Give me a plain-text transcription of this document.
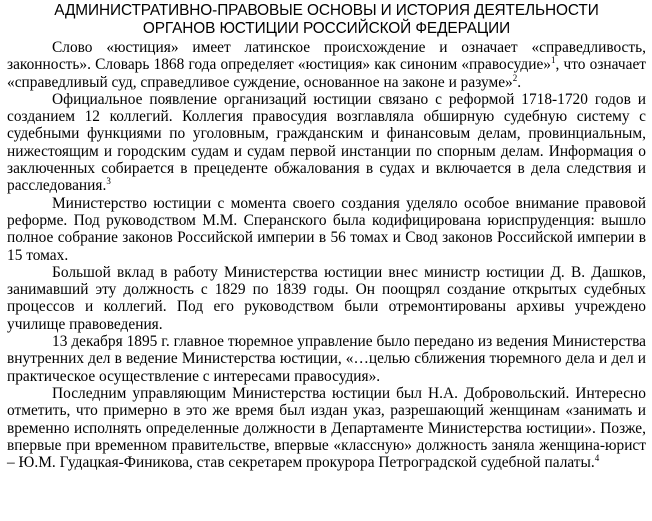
АДМИНИСТРАТИВНО-ПРАВОВЫЕ ОСНОВЫ И ИСТОРИЯ ДЕЯТЕЛЬНОСТИ
ОРГАНОВ ЮСТИЦИИ РОССИЙСКОЙ ФЕДЕРАЦИИ

Слово «юстиция» имеет латинское происхождение и означает «справедливость, законность». Словарь 1868 года определяет «юстиция» как синоним «правосудие»$^1$, что означает «справедливый суд, справедливое суждение, основанное на законе и разуме»$^2$.

Официальное появление организаций юстиции связано с реформой 1718-1720 годов и созданием 12 коллегий. Коллегия правосудия возглавляла обширную судебную систему с судебными функциями по уголовным, гражданским и финансовым делам, провинциальным, нижестоящим и городским судам и судам первой инстанции по спорным делам. Информация о заключенных собирается в прецеденте обжалования в судах и включается в дела следствия и расследования.$^3$

Министерство юстиции с момента своего создания уделяло особое внимание правовой реформе. Под руководством М.М. Сперанского была кодифицирована юриспруденция: вышло полное собрание законов Российской империи в 56 томах и Свод законов Российской империи в 15 томах.

Большой вклад в работу Министерства юстиции внес министр юстиции Д. В. Дашков, занимавший эту должность с 1829 по 1839 годы. Он поощрял создание открытых судебных процессов и коллегий. Под его руководством были отремонтированы архивы учреждено училище правоведения.

13 декабря 1895 г. главное тюремное управление было передано из ведения Министерства внутренних дел в ведение Министерства юстиции, «…целью сближения тюремного дела и дел и практическое осуществление с интересами правосудия».

Последним управляющим Министерства юстиции был Н.А. Добровольский. Интересно отметить, что примерно в это же время был издан указ, разрешающий женщинам «занимать и временно исполнять определенные должности в Департаменте Министерства юстиции». Позже, впервые при временном правительстве, впервые «классную» должность заняла женщина-юрист – Ю.М. Гудацкая-Финикова, став секретарем прокурора Петроградской судебной палаты.$^4$
